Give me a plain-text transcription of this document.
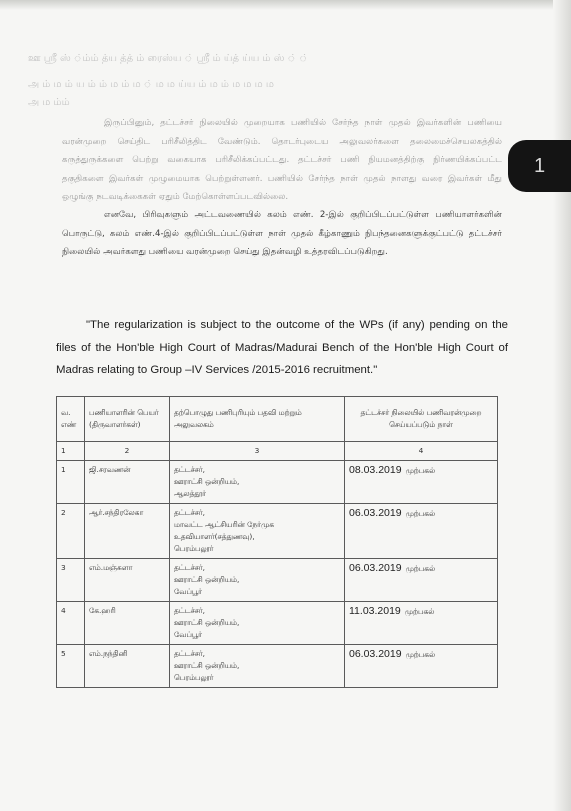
ஊ ஸ்ரீ ஸ் ்ம்ம் த்ய த்த் ம் ரைஸ்ய ் ஸ்ரீ ம் ய்த் ய்ய ம் ஸ் ் ்
அ ம் ம ம் ய ம் ம் ம ம் ம ் ம ம ய்ய ம் ம ம் ம ம ம ம
அ ம ம்ம்
இருப்பினும், தட்டச்சர் நிலையில் முறையாக பணியில் சேர்ந்த நாள் முதல் இவர்களின் பணியை வரன்முறை செய்திட பரிசீலித்திட வேண்டும். தொடர்புடைய அலுவலர்களை தலைமைச்செயலகத்தில் கருத்துருக்களை பெற்று வகையாக பரிசீலிக்கப்பட்டது. தட்டச்சர் பணி நியமனத்திற்கு நிர்ணயிக்கப்பட்ட தகுதிகளை இவர்கள் முழுமையாக பெற்றுள்ளனர். பணியில் சேர்ந்த நாள் முதல் நாளது வரை இவர்கள் மீது ஒழுங்கு நடவடிக்கைகள் ஏதும் மேற்கொள்ளப்படவில்லை.
எனவே, பிரிவுகளும் அட்டவணையில் கலம் எண். 2-இல் குறிப்பிடப்பட்டுள்ள பணியாளர்களின் பொருட்டு, கலம் எண்.4-இல் குறிப்பிடப்பட்டுள்ள நாள் முதல் கீழ்காணும் நிபந்தனைகளுக்குட்பட்டு தட்டச்சர் நிலையில் அவர்களது பணியை வரன்முறை செய்து இதன்வழி உத்தரவிடப்படுகிறது.
1
"The regularization is subject to the outcome of the WPs (if any) pending on the files of the Hon'ble High Court of Madras/Madurai Bench of the Hon'ble High Court of Madras relating to Group –IV Services /2015-2016 recruitment."
வ. எண்	பணியாளரின் பெயர் (திருவாளர்கள்)	தற்பொழுது பணிபுரியும் பதவி மற்றும் அலுவலகம்	தட்டச்சர் நிலையில் பணிவரன்முறை செய்யப்படும் நாள்
1	2	3	4
1	ஜி.சரவணன்	தட்டச்சர்,
ஊராட்சி ஒன்றியம்,
ஆலத்தூர்	08.03.2019 முற்பகல்
2	ஆர்.சந்திரலேகா	தட்டச்சர்,
மாவட்ட ஆட்சியரின் நேர்முக உதவியாளர்(சத்துணவு),
பெரம்பலூர்	06.03.2019 முற்பகல்
3	எம்.மஞ்சுளா	தட்டச்சர்,
ஊராட்சி ஒன்றியம்,
வேப்பூர்	06.03.2019 முற்பகல்
4	கே.ஹரி	தட்டச்சர்,
ஊராட்சி ஒன்றியம்,
வேப்பூர்	11.03.2019 முற்பகல்
5	எம்.நந்தினி	தட்டச்சர்,
ஊராட்சி ஒன்றியம்,
பெரம்பலூர்	06.03.2019 முற்பகல்
